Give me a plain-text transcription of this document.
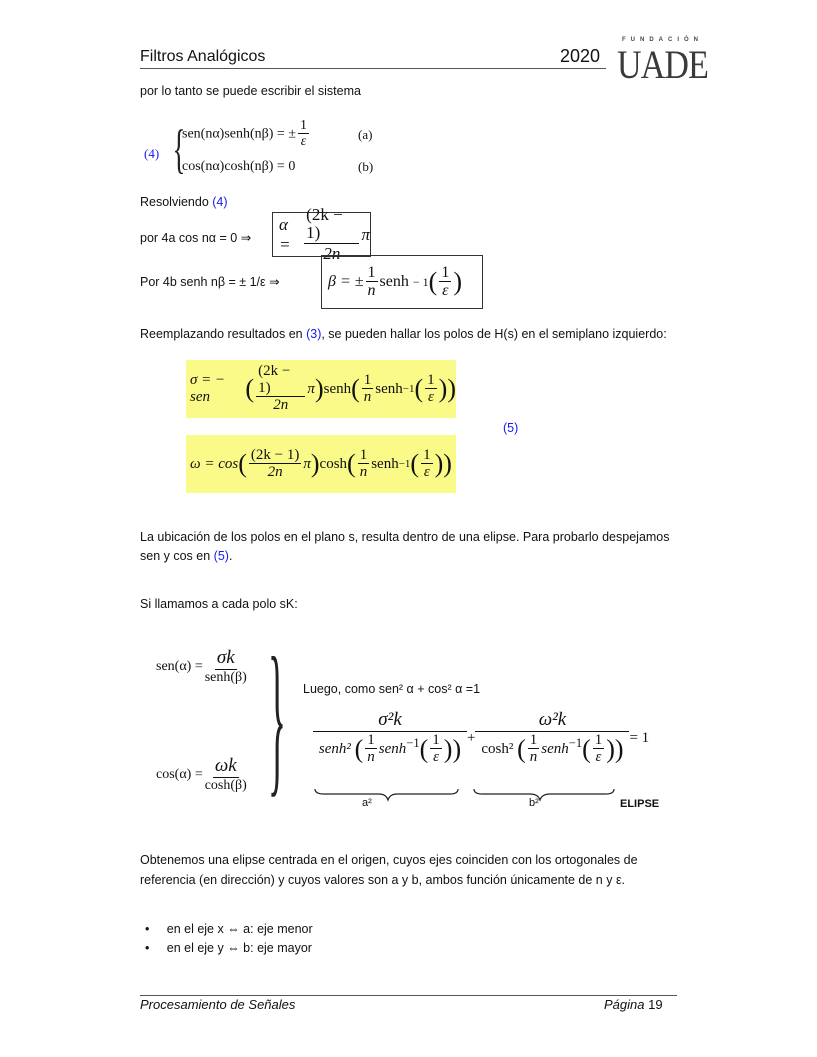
Filtros Analógicos	2020
FUNDACIÓN
UADE
por lo tanto se puede escribir el sistema
(4) {
sen(nα)senh(nβ) = ± $\frac{1}{\varepsilon}$	(a)
cos(nα)cosh(nβ) = 0	(b)
Resolviendo (4)
por 4a cos nα = 0 ⇒
$\alpha = \frac{(2k - 1)}{2n}$ π
Por 4b senh nβ = ± 1/ε ⇒	β = ± $\frac{1}{n}$ senh
− 1 ( $\frac{1}{\varepsilon}$ )
Reemplazando resultados en (3), se pueden hallar los polos de H(s) en el semiplano izquierdo:
σ = − sen	( $\frac{(2k - 1)}{2n}$ π ) senh ( $\frac{1}{n}$ senh −1 ( $\frac{1}{\varepsilon}$ ))
(5)
ω = cos ( $\frac{(2k - 1)}{2n}$ π ) cosh ( $\frac{1}{n}$ senh −1 ( $\frac{1}{\varepsilon}$ ))
La ubicación de los polos en el plano s, resulta dentro de una elipse. Para probarlo despejamos
sen y cos en (5).
Si llamamos a cada polo sK:
$sen(\alpha) = \frac{\sigma k}{\text{senh(β)}}$
$\cos(\alpha) = \frac{\omega k}{\cosh(\beta)}$ } Luego, como sen² α + cos² α =1
$\frac{\text{σ²k}}{senh^2 ( \frac{1}{n} senh^{-1}( \frac{1}{\varepsilon} ))} + \frac{\text{ω²k}}{\cosh^2 ( \frac{1}{n} senh^{-1}( \frac{1}{\varepsilon} ))} = 1$
a²	b²	ELIPSE
Obtenemos una elipse centrada en el origen, cuyos ejes coinciden con los ortogonales de
referencia (en dirección) y cuyos valores son a y b, ambos función únicamente de n y ε.
•     en el eje x ⇔ a: eje menor
•     en el eje y ⇔ b: eje mayor
Procesamiento de Señales	Página 19
